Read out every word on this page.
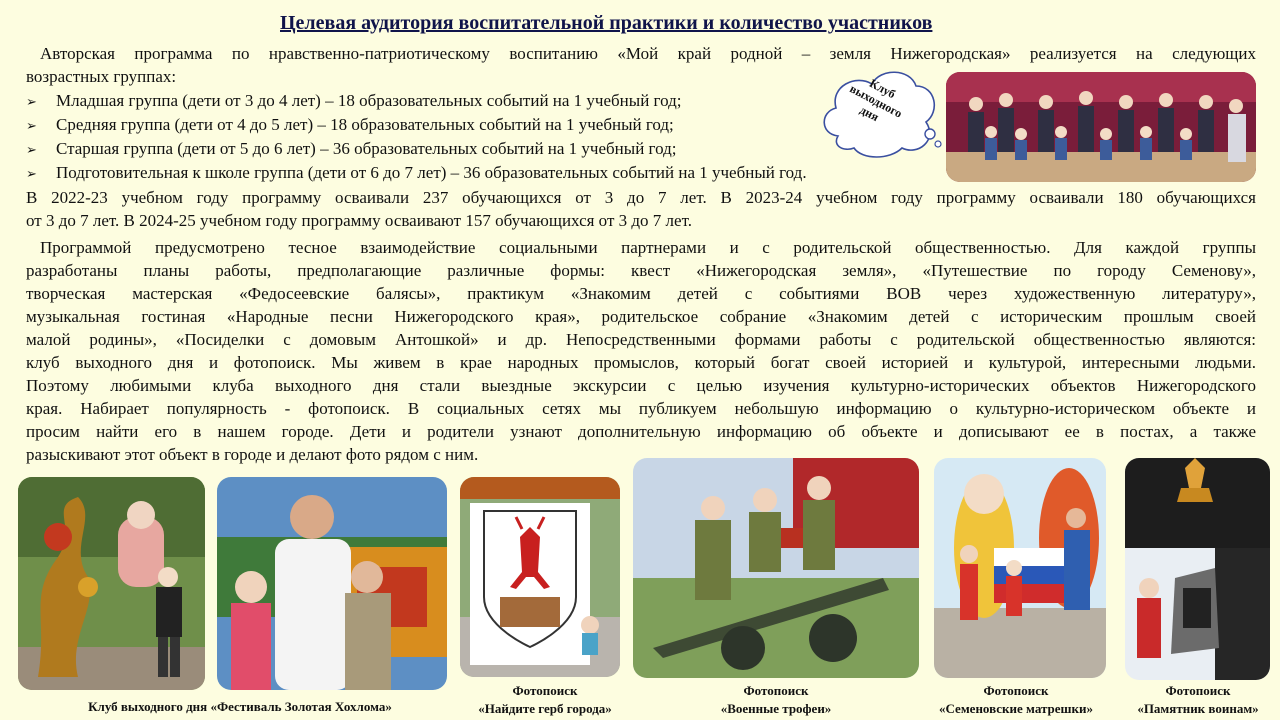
Целевая аудитория воспитательной практики и количество участников
Авторская программа по нравственно-патриотическому воспитанию «Мой край родной – земля Нижегородская» реализуется на следующих
возрастных группах:
➢ Младшая группа (дети от 3 до 4 лет) – 18 образовательных событий на 1 учебный год;
➢ Средняя группа (дети от 4 до 5 лет) – 18 образовательных событий на 1 учебный год;
➢ Старшая группа (дети от 5 до 6 лет) – 36 образовательных событий на 1 учебный год;
➢ Подготовительная к школе группа (дети от 6 до 7 лет) – 36 образовательных событий на 1 учебный год.
Клуб выходного дня
В 2022-23 учебном году программу осваивали 237 обучающихся от 3 до 7 лет. В 2023-24 учебном году программу осваивали 180 обучающихся
от 3 до 7 лет. В 2024-25 учебном году программу осваивают 157 обучающихся от 3 до 7 лет.
Программой предусмотрено тесное взаимодействие социальными партнерами и с родительской общественностью. Для каждой группы
разработаны планы работы, предполагающие различные формы: квест «Нижегородская земля», «Путешествие по городу Семенову»,
творческая мастерская «Федосеевские балясы», практикум «Знакомим детей с событиями ВОВ через художественную литературу»,
музыкальная гостиная «Народные песни Нижегородского края», родительское собрание «Знакомим детей с историческим прошлым своей
малой родины», «Посиделки с домовым Антошкой» и др. Непосредственными формами работы с родительской общественностью являются:
клуб выходного дня и фотопоиск. Мы живем в крае народных промыслов, который богат своей историей и культурой, интересными людьми.
Поэтому любимыми клуба выходного дня стали выездные экскурсии с целью изучения культурно-исторических объектов Нижегородского
края. Набирает популярность - фотопоиск. В социальных сетях мы публикуем небольшую информацию о культурно-историческом объекте и
просим найти его в нашем городе. Дети и родители узнают дополнительную информацию об объекте и дописывают ее в постах, а также
разыскивают этот объект в городе и делают фото рядом с ним.
Клуб выходного дня «Фестиваль Золотая Хохлома»
Фотопоиск
«Найдите герб города»
Фотопоиск
«Военные трофеи»
Фотопоиск
«Семеновские матрешки»
Фотопоиск
«Памятник воинам»
